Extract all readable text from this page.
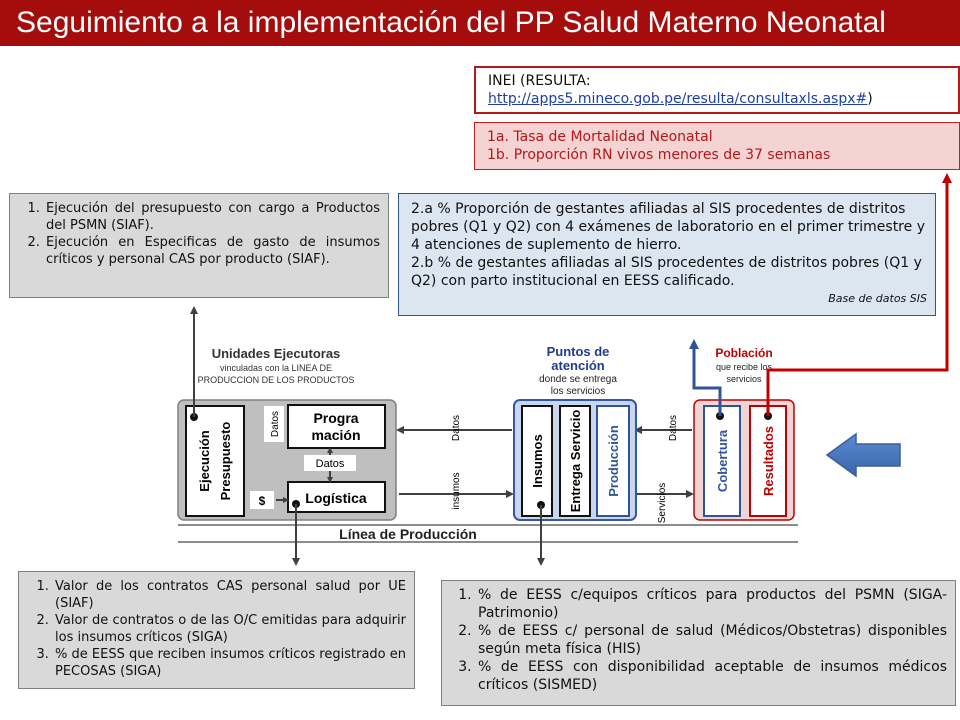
Seguimiento a la implementación del PP Salud Materno Neonatal
INEI (RESULTA:
http://apps5.mineco.gob.pe/resulta/consultaxls.aspx#)
1a. Tasa de Mortalidad Neonatal
1b. Proporción RN vivos menores de 37 semanas
1. Ejecución del presupuesto con cargo a Productos del PSMN (SIAF).
2. Ejecución en Especificas de gasto de insumos críticos y personal CAS por producto (SIAF).
2.a % Proporción de gestantes afiliadas al SIS procedentes de distritos pobres (Q1 y Q2) con 4 exámenes de laboratorio en el primer trimestre y 4 atenciones de suplemento de hierro.
2.b % de gestantes afiliadas al SIS procedentes de distritos pobres (Q1 y Q2) con parto institucional en EESS calificado.
Base de datos SIS
Unidades Ejecutoras
vinculadas con la LINEA DE
PRODUCCION DE LOS PRODUCTOS
Ejecución Presupuesto
Progra
mación
Logística
Datos
$
Datos
Datos
insumos
Datos
Servicios
Puntos de
atención
donde se entrega
los servicios
Insumos Entrega Servicio Producción
Población
que recibe los
servicios
Cobertura Resultados
Línea de Producción
1. Valor de los contratos CAS personal salud por UE (SIAF)
2. Valor de contratos o de las O/C emitidas para adquirir los insumos críticos (SIGA)
3. % de EESS que reciben insumos críticos registrado en PECOSAS (SIGA)
1. % de EESS c/equipos críticos para productos del PSMN (SIGA-Patrimonio)
2. % de EESS c/ personal de salud (Médicos/Obstetras) disponibles según meta física (HIS)
3. % de EESS con disponibilidad aceptable de insumos médicos críticos (SISMED)
